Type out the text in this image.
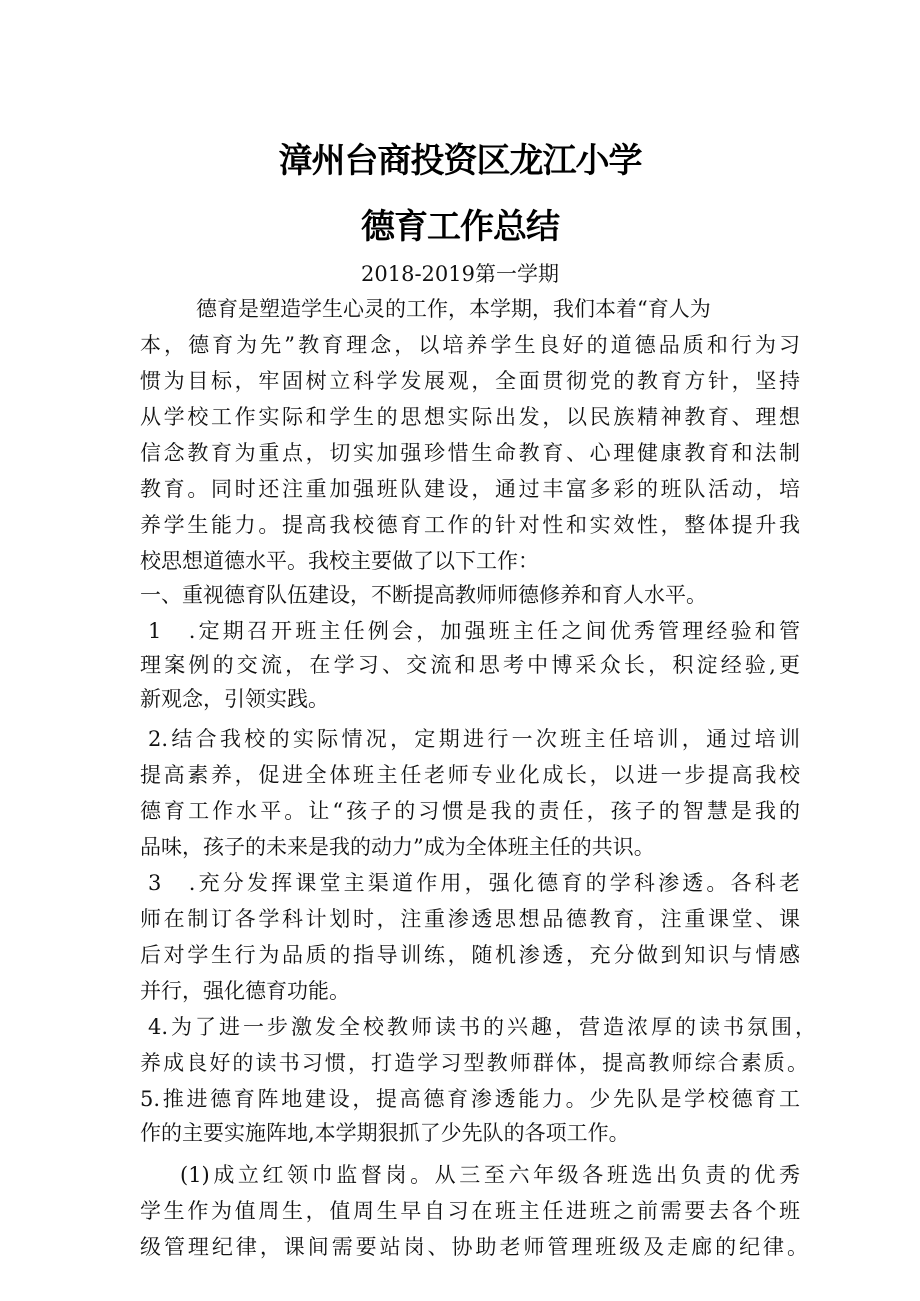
漳州台商投资区龙江小学
德育工作总结
2018-2019第一学期
德育是塑造学生心灵的工作，本学期，我们本着“育人为
本，德育为先”教育理念，以培养学生良好的道德品质和行为习
惯为目标，牢固树立科学发展观，全面贯彻党的教育方针，坚持
从学校工作实际和学生的思想实际出发，以民族精神教育、理想
信念教育为重点，切实加强珍惜生命教育、心理健康教育和法制
教育。同时还注重加强班队建设，通过丰富多彩的班队活动，培
养学生能力。提高我校德育工作的针对性和实效性，整体提升我
校思想道德水平。我校主要做了以下工作：
一、重视德育队伍建设，不断提高教师师德修养和育人水平。
1　.定期召开班主任例会，加强班主任之间优秀管理经验和管
理案例的交流，在学习、交流和思考中博采众长，积淀经验,更
新观念，引领实践。
2.结合我校的实际情况，定期进行一次班主任培训，通过培训
提高素养，促进全体班主任老师专业化成长，以进一步提高我校
德育工作水平。让“孩子的习惯是我的责任，孩子的智慧是我的
品味，孩子的未来是我的动力”成为全体班主任的共识。
3　.充分发挥课堂主渠道作用，强化德育的学科渗透。各科老
师在制订各学科计划时，注重渗透思想品德教育，注重课堂、课
后对学生行为品质的指导训练，随机渗透，充分做到知识与情感
并行，强化德育功能。
4.为了进一步激发全校教师读书的兴趣，营造浓厚的读书氛围，
养成良好的读书习惯，打造学习型教师群体，提高教师综合素质。
5.推进德育阵地建设，提高德育渗透能力。少先队是学校德育工
作的主要实施阵地,本学期狠抓了少先队的各项工作。
(1)成立红领巾监督岗。从三至六年级各班选出负责的优秀
学生作为值周生，值周生早自习在班主任进班之前需要去各个班
级管理纪律，课间需要站岗、协助老师管理班级及走廊的纪律。
